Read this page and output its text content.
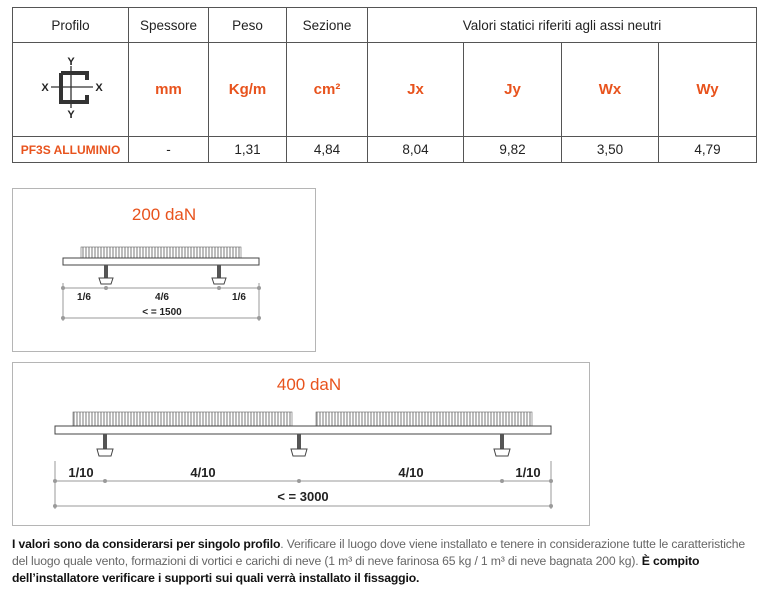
Profilo	Spessore	Peso	Sezione	Valori statici riferiti agli assi neutri			

Y
Y
X X	mm	Kg/m	cm²	Jx	Jy	Wx	Wy
PF3S ALLUMINIO	-	1,31	4,84	8,04	9,82	3,50	4,79
200 daN
1/6	4/6	1/6
< = 1500
400 daN
1/10	4/10	4/10	1/10
< = 3000
I valori sono da considerarsi per singolo profilo. Verificare il luogo dove viene installato e tenere in considerazione tutte le caratteristiche del luogo quale vento, formazioni di vortici e carichi di neve (1 m³ di neve farinosa 65 kg / 1 m³ di neve bagnata 200 kg). È compito dell’installatore verificare i supporti sui quali verrà installato il fissaggio.
